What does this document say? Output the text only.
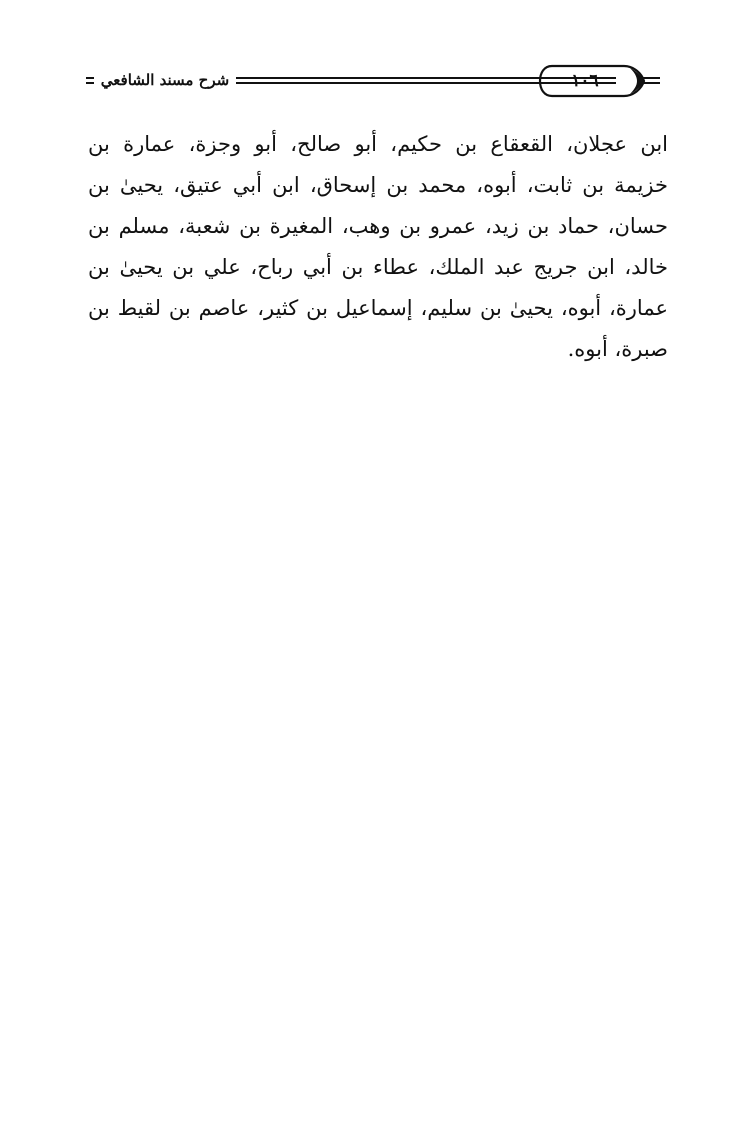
شرح مسند الشافعي	١٠٦
ابن عجلان، القعقاع بن حكيم، أبو صالح، أبو وجزة، عمارة بن
خزيمة بن ثابت، أبوه، محمد بن إسحاق، ابن أبي عتيق، يحيىٰ بن
حسان، حماد بن زيد، عمرو بن وهب، المغيرة بن شعبة، مسلم بن
خالد، ابن جريج عبد الملك، عطاء بن أبي رباح، علي بن يحيىٰ بن
عمارة، أبوه، يحيىٰ بن سليم، إسماعيل بن كثير، عاصم بن لقيط بن
صبرة، أبوه.
